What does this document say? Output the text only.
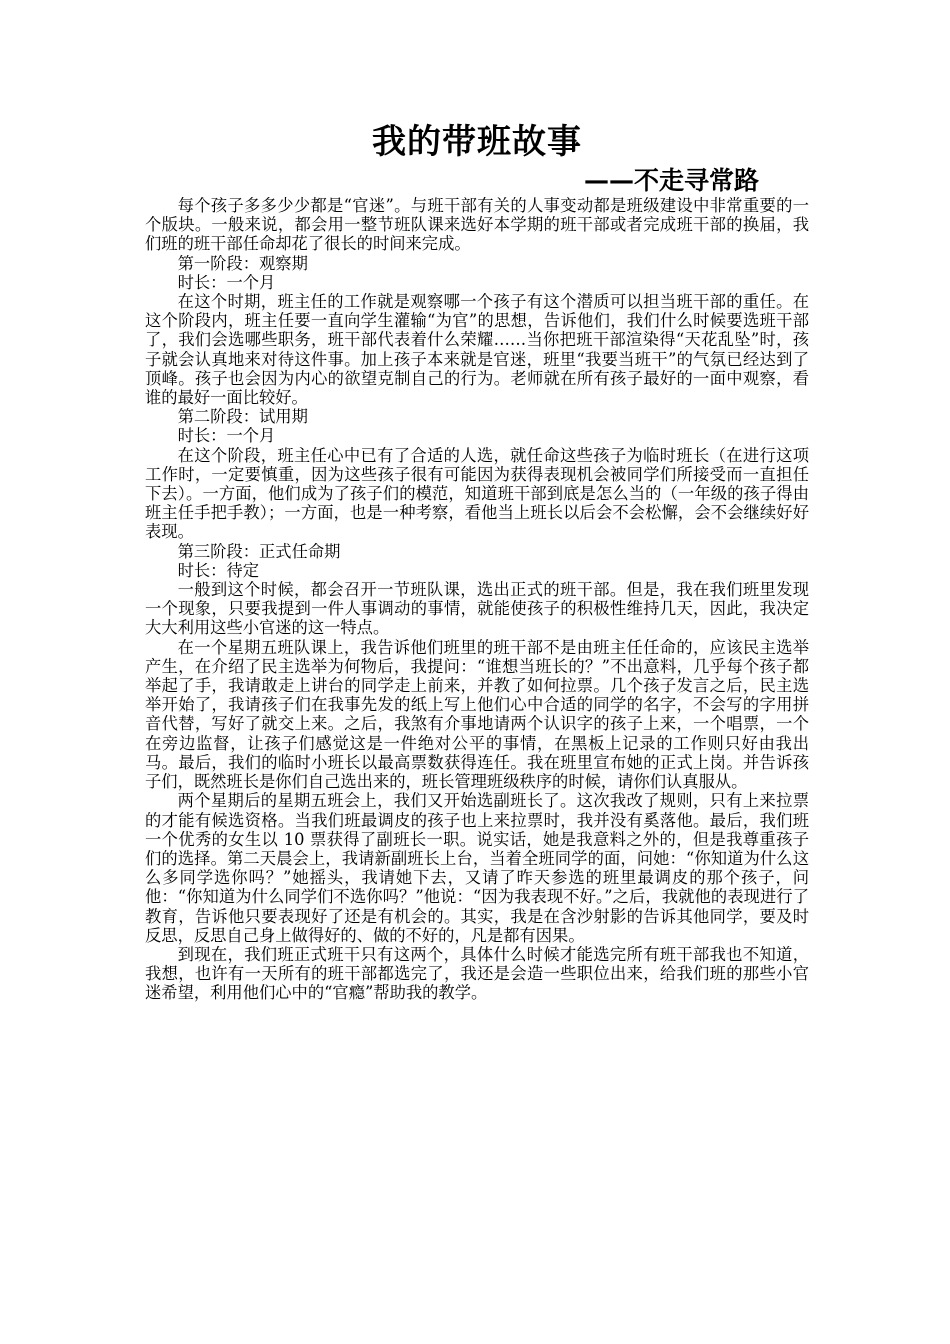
我的带班故事
——不走寻常路

每个孩子多多少少都是“官迷”。与班干部有关的人事变动都是班级建设中非常重要的一个版块。一般来说，都会用一整节班队课来选好本学期的班干部或者完成班干部的换届，我们班的班干部任命却花了很长的时间来完成。

第一阶段：观察期

时长：一个月

在这个时期，班主任的工作就是观察哪一个孩子有这个潜质可以担当班干部的重任。在这个阶段内，班主任要一直向学生灌输“为官”的思想，告诉他们，我们什么时候要选班干部了，我们会选哪些职务，班干部代表着什么荣耀……当你把班干部渲染得“天花乱坠”时，孩子就会认真地来对待这件事。加上孩子本来就是官迷，班里“我要当班干”的气氛已经达到了顶峰。孩子也会因为内心的欲望克制自己的行为。老师就在所有孩子最好的一面中观察，看谁的最好一面比较好。

第二阶段：试用期

时长：一个月

在这个阶段，班主任心中已有了合适的人选，就任命这些孩子为临时班长（在进行这项工作时，一定要慎重，因为这些孩子很有可能因为获得表现机会被同学们所接受而一直担任下去）。一方面，他们成为了孩子们的模范，知道班干部到底是怎么当的（一年级的孩子得由班主任手把手教）；一方面，也是一种考察，看他当上班长以后会不会松懈，会不会继续好好表现。

第三阶段：正式任命期

时长：待定

一般到这个时候，都会召开一节班队课，选出正式的班干部。但是，我在我们班里发现一个现象，只要我提到一件人事调动的事情，就能使孩子的积极性维持几天，因此，我决定大大利用这些小官迷的这一特点。

在一个星期五班队课上，我告诉他们班里的班干部不是由班主任任命的，应该民主选举产生，在介绍了民主选举为何物后，我提问：“谁想当班长的？”不出意料，几乎每个孩子都举起了手，我请敢走上讲台的同学走上前来，并教了如何拉票。几个孩子发言之后，民主选举开始了，我请孩子们在我事先发的纸上写上他们心中合适的同学的名字，不会写的字用拼音代替，写好了就交上来。之后，我煞有介事地请两个认识字的孩子上来，一个唱票，一个在旁边监督，让孩子们感觉这是一件绝对公平的事情，在黑板上记录的工作则只好由我出马。最后，我们的临时小班长以最高票数获得连任。我在班里宣布她的正式上岗。并告诉孩子们，既然班长是你们自己选出来的，班长管理班级秩序的时候，请你们认真服从。

两个星期后的星期五班会上，我们又开始选副班长了。这次我改了规则，只有上来拉票的才能有候选资格。当我们班最调皮的孩子也上来拉票时，我并没有奚落他。最后，我们班一个优秀的女生以 10 票获得了副班长一职。说实话，她是我意料之外的，但是我尊重孩子们的选择。第二天晨会上，我请新副班长上台，当着全班同学的面，问她：“你知道为什么这么多同学选你吗？”她摇头，我请她下去，又请了昨天参选的班里最调皮的那个孩子，问他：“你知道为什么同学们不选你吗？”他说：“因为我表现不好。”之后，我就他的表现进行了教育，告诉他只要表现好了还是有机会的。其实，我是在含沙射影的告诉其他同学，要及时反思，反思自己身上做得好的、做的不好的，凡是都有因果。

到现在，我们班正式班干只有这两个，具体什么时候才能选完所有班干部我也不知道，我想，也许有一天所有的班干部都选完了，我还是会造一些职位出来，给我们班的那些小官迷希望，利用他们心中的“官瘾”帮助我的教学。
